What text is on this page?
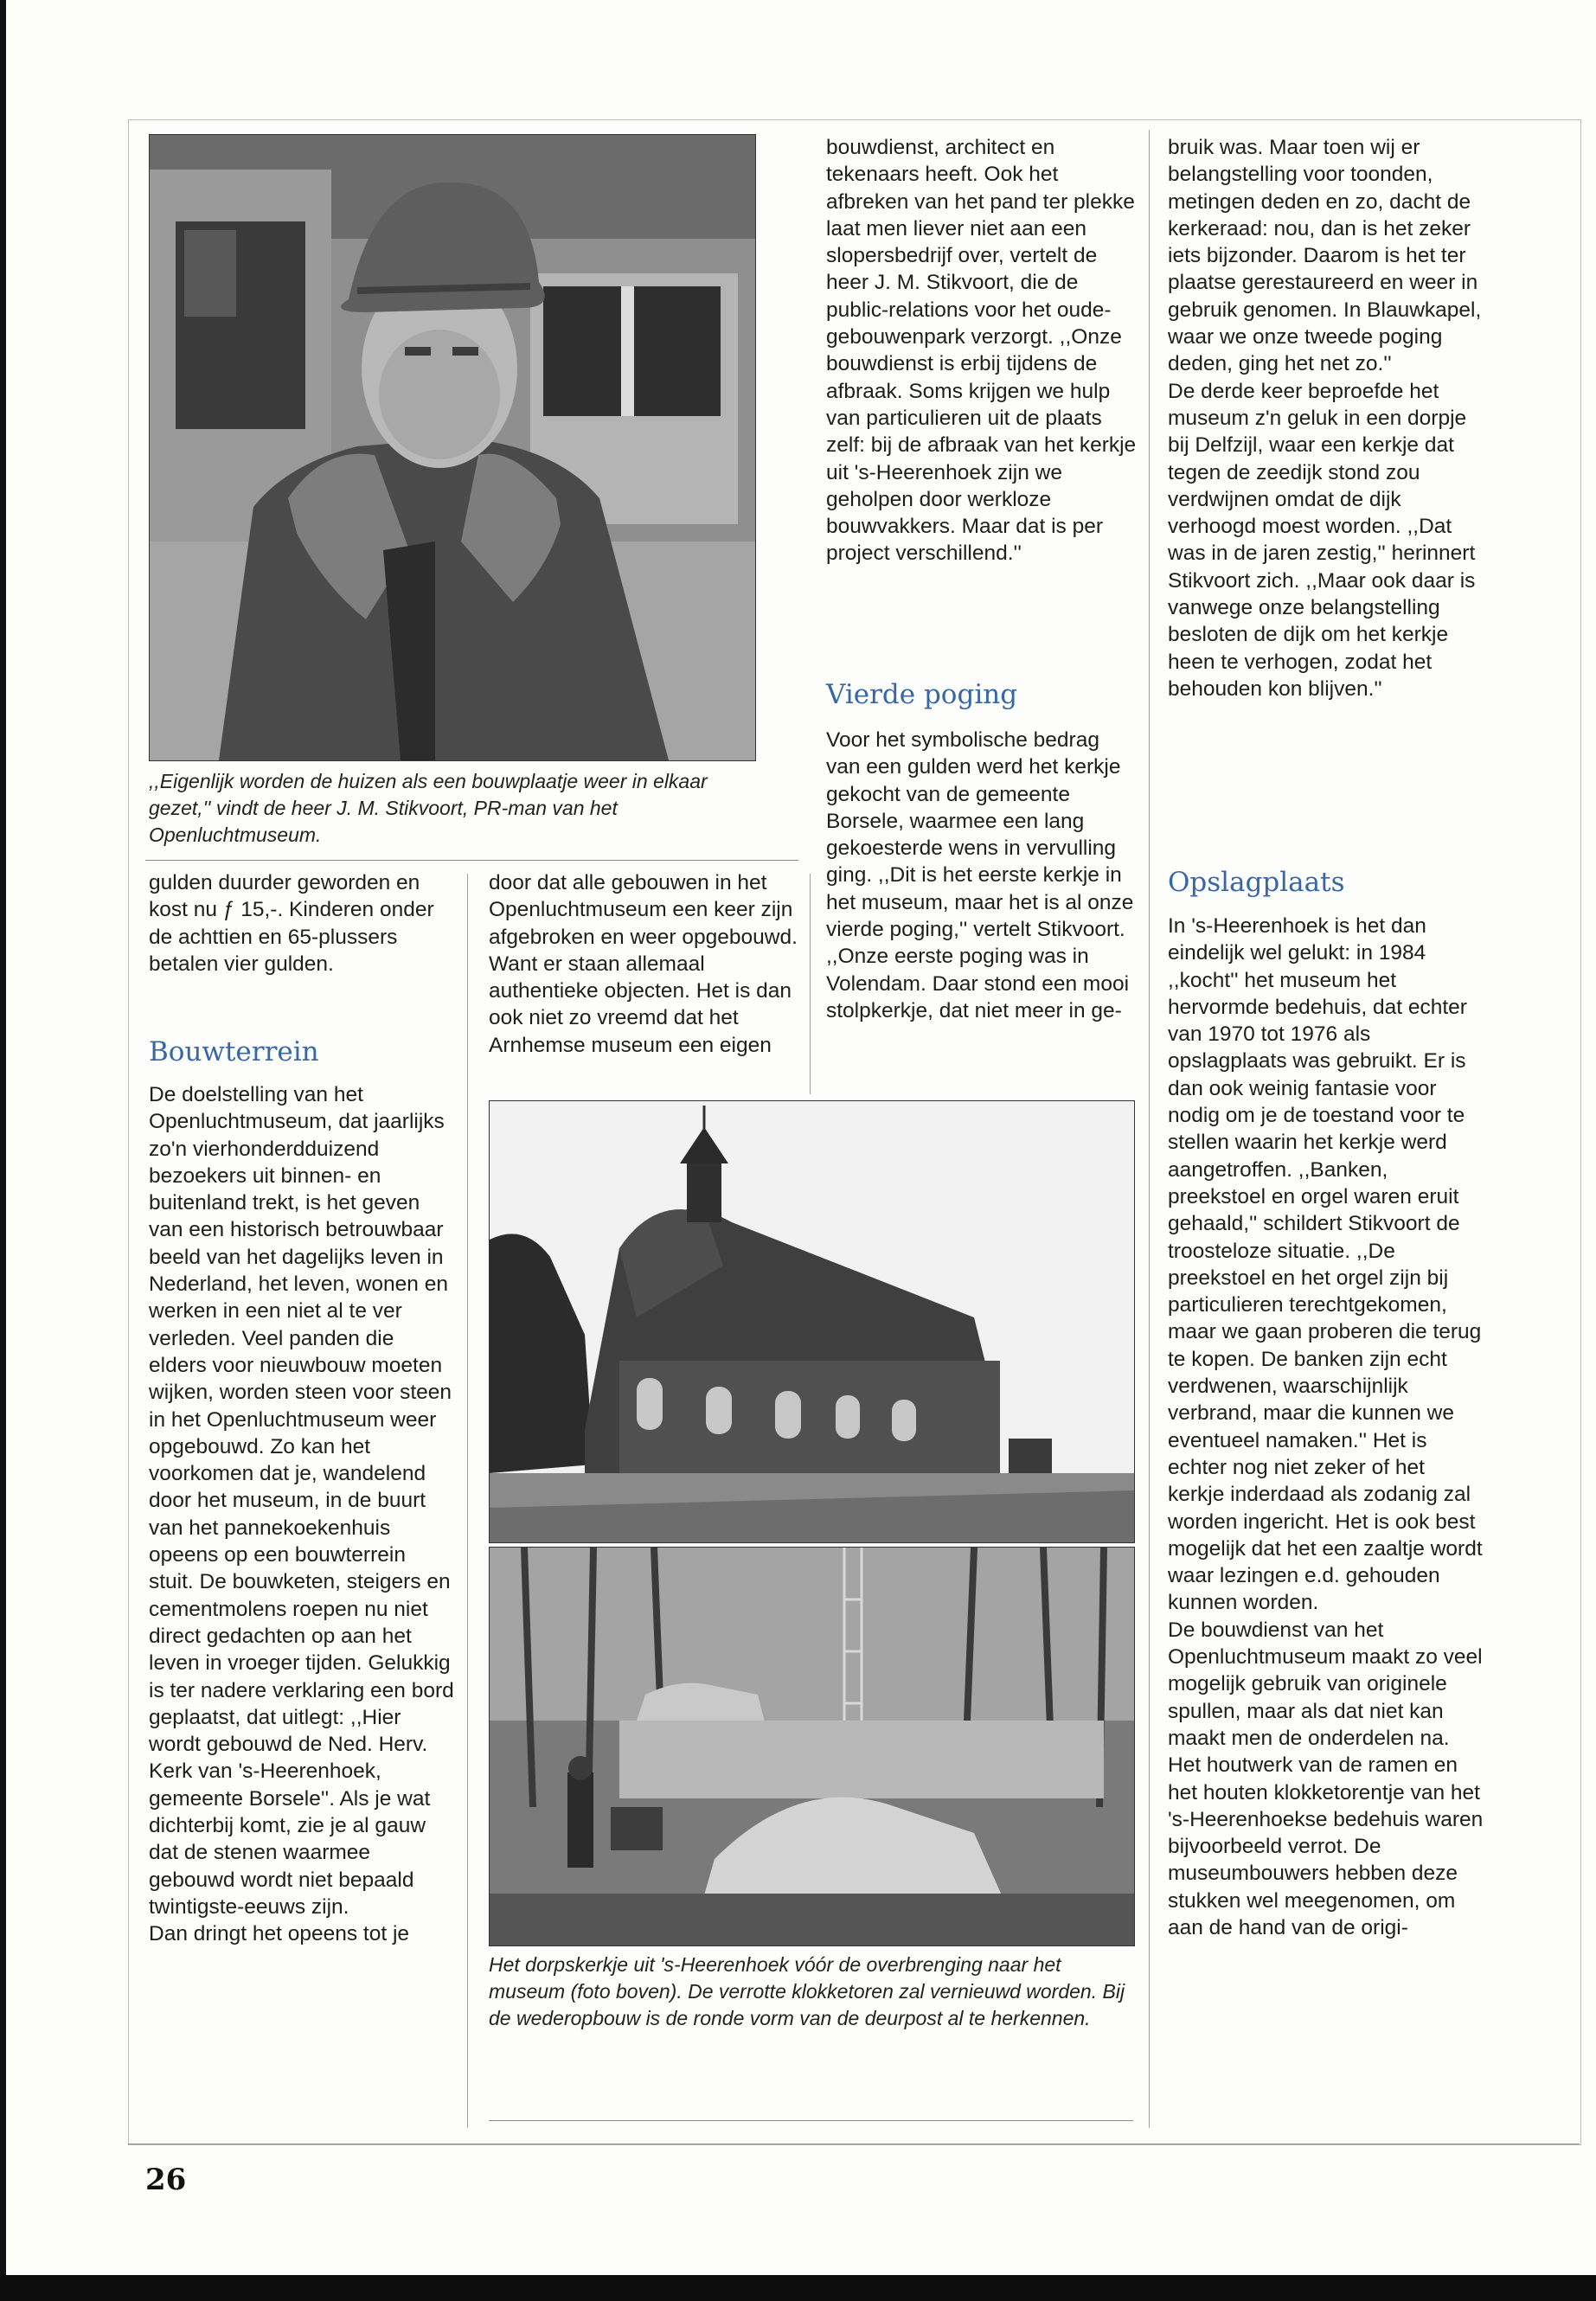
,,Eigenlijk worden de huizen als een bouwplaatje weer in elkaar gezet,'' vindt de heer J. M. Stikvoort, PR-man van het Openluchtmuseum.

gulden duurder geworden en kost nu ƒ 15,-. Kinderen onder de achttien en 65-plussers betalen vier gulden.

Bouwterrein

De doelstelling van het Openluchtmuseum, dat jaarlijks zo'n vierhonderdduizend bezoekers uit binnen- en buitenland trekt, is het geven van een historisch betrouwbaar beeld van het dagelijks leven in Nederland, het leven, wonen en werken in een niet al te ver verleden. Veel panden die elders voor nieuwbouw moeten wijken, worden steen voor steen in het Openluchtmuseum weer opgebouwd. Zo kan het voorkomen dat je, wandelend door het museum, in de buurt van het pannekoekenhuis opeens op een bouwterrein stuit. De bouwketen, steigers en cementmolens roepen nu niet direct gedachten op aan het leven in vroeger tijden. Gelukkig is ter nadere verklaring een bord geplaatst, dat uitlegt: ,,Hier wordt gebouwd de Ned. Herv. Kerk van 's-Heerenhoek, gemeente Borsele''. Als je wat dichterbij komt, zie je al gauw dat de stenen waarmee gebouwd wordt niet bepaald twintigste-eeuws zijn.

Dan dringt het opeens tot je

door dat alle gebouwen in het Openluchtmuseum een keer zijn afgebroken en weer opgebouwd. Want er staan allemaal authentieke objecten. Het is dan ook niet zo vreemd dat het Arnhemse museum een eigen

bouwdienst, architect en tekenaars heeft. Ook het afbreken van het pand ter plekke laat men liever niet aan een slopersbedrijf over, vertelt de heer J. M. Stikvoort, die de public-relations voor het oude-gebouwenpark verzorgt. ,,Onze bouwdienst is erbij tijdens de afbraak. Soms krijgen we hulp van particulieren uit de plaats zelf: bij de afbraak van het kerkje uit 's-Heerenhoek zijn we geholpen door werkloze bouwvakkers. Maar dat is per project verschillend.''

Vierde poging

Voor het symbolische bedrag van een gulden werd het kerkje gekocht van de gemeente Borsele, waarmee een lang gekoesterde wens in vervulling ging. ,,Dit is het eerste kerkje in het museum, maar het is al onze vierde poging,'' vertelt Stikvoort. ,,Onze eerste poging was in Volendam. Daar stond een mooi stolpkerkje, dat niet meer in ge-

bruik was. Maar toen wij er belangstelling voor toonden, metingen deden en zo, dacht de kerkeraad: nou, dan is het zeker iets bijzonder. Daarom is het ter plaatse gerestaureerd en weer in gebruik genomen. In Blauwkapel, waar we onze tweede poging deden, ging het net zo.''

De derde keer beproefde het museum z'n geluk in een dorpje bij Delfzijl, waar een kerkje dat tegen de zeedijk stond zou verdwijnen omdat de dijk verhoogd moest worden. ,,Dat was in de jaren zestig,'' herinnert Stikvoort zich. ,,Maar ook daar is vanwege onze belangstelling besloten de dijk om het kerkje heen te verhogen, zodat het behouden kon blijven.''

Opslagplaats

In 's-Heerenhoek is het dan eindelijk wel gelukt: in 1984 ,,kocht'' het museum het hervormde bedehuis, dat echter van 1970 tot 1976 als opslagplaats was gebruikt. Er is dan ook weinig fantasie voor nodig om je de toestand voor te stellen waarin het kerkje werd aangetroffen. ,,Banken, preekstoel en orgel waren eruit gehaald,'' schildert Stikvoort de troosteloze situatie. ,,De preekstoel en het orgel zijn bij particulieren terechtgekomen, maar we gaan proberen die terug te kopen. De banken zijn echt verdwenen, waarschijnlijk verbrand, maar die kunnen we eventueel namaken.'' Het is echter nog niet zeker of het kerkje inderdaad als zodanig zal worden ingericht. Het is ook best mogelijk dat het een zaaltje wordt waar lezingen e.d. gehouden kunnen worden.

De bouwdienst van het Openluchtmuseum maakt zo veel mogelijk gebruik van originele spullen, maar als dat niet kan maakt men de onderdelen na. Het houtwerk van de ramen en het houten klokketorentje van het 's-Heerenhoekse bedehuis waren bijvoorbeeld verrot. De museumbouwers hebben deze stukken wel meegenomen, om aan de hand van de origi-

Het dorpskerkje uit 's-Heerenhoek vóór de overbrenging naar het museum (foto boven). De verrotte klokketoren zal vernieuwd worden. Bij de wederopbouw is de ronde vorm van de deurpost al te herkennen.

26
